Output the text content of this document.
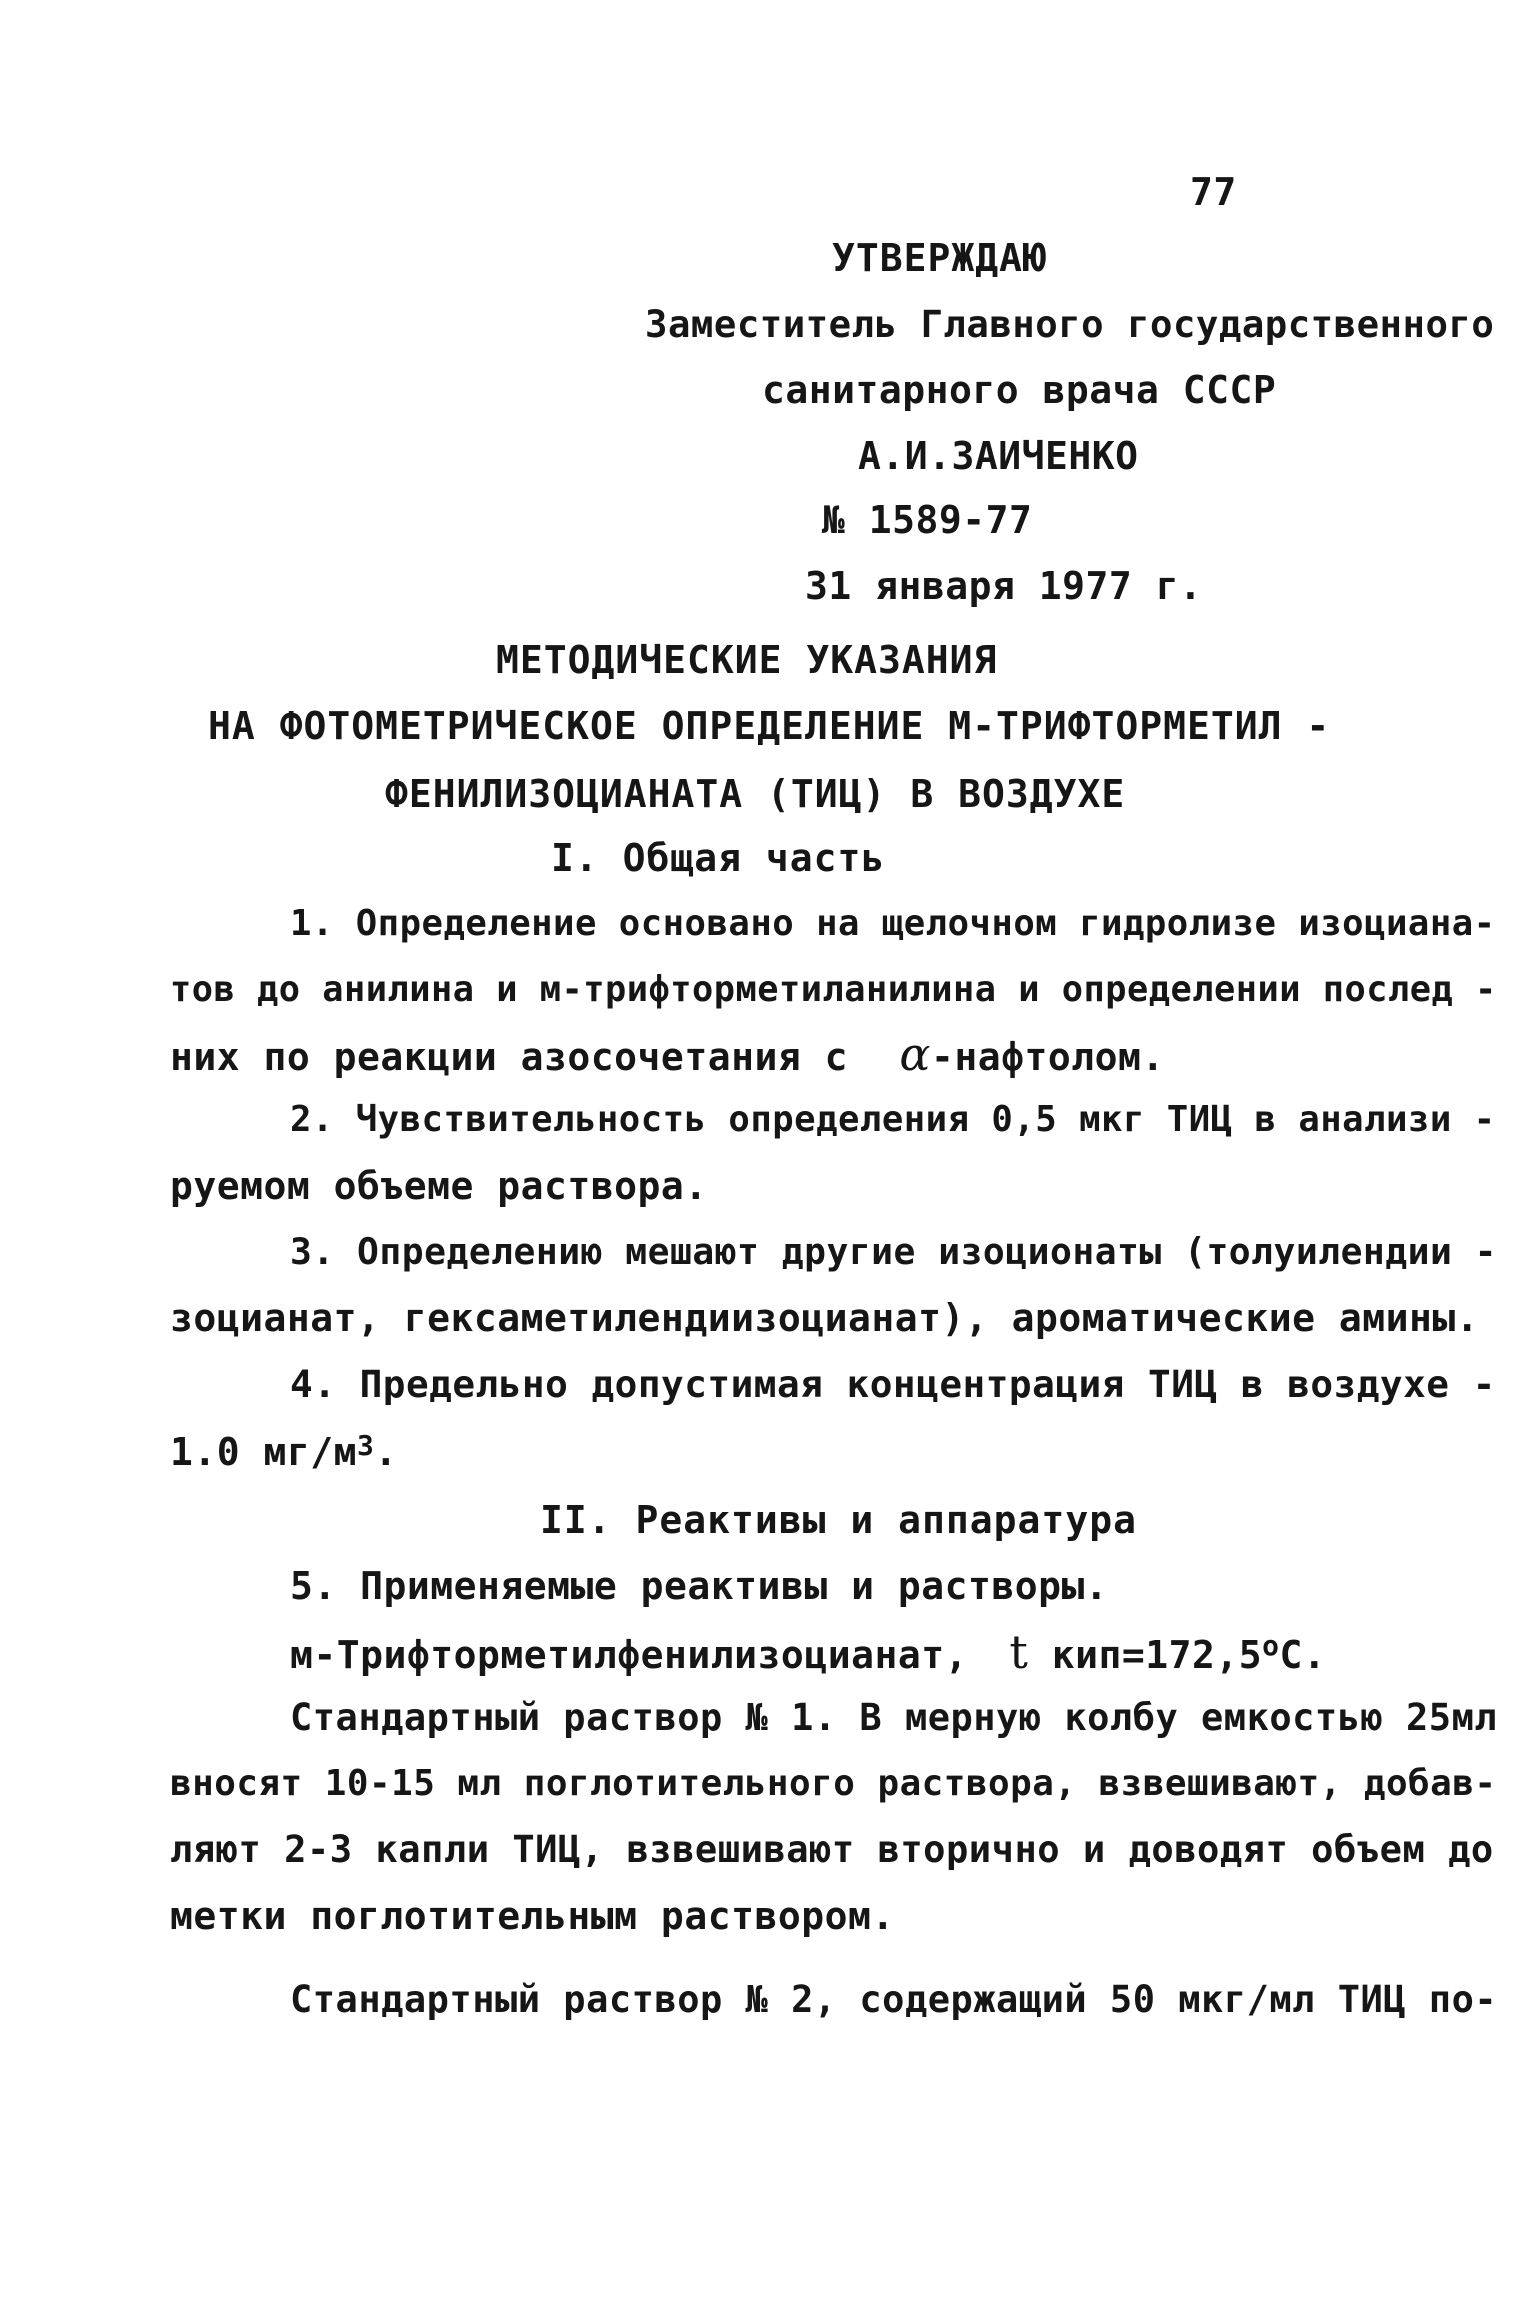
77
УТВЕРЖДАЮ
Заместитель Главного государственного
санитарного врача СССР
А.И.ЗАИЧЕНКО
№ 1589-77
31 января 1977 г.
МЕТОДИЧЕСКИЕ УКАЗАНИЯ
НА ФОТОМЕТРИЧЕСКОЕ ОПРЕДЕЛЕНИЕ М-ТРИФТОРМЕТИЛ -
ФЕНИЛИЗОЦИАНАТА (ТИЦ) В ВОЗДУХЕ
I. Общая часть
1. Определение основано на щелочном гидролизе изоциана-
тов до анилина и м-трифторметиланилина и определении послед -
них по реакции азосочетания с α-нафтолом.
2. Чувствительность определения 0,5 мкг ТИЦ в анализи -
руемом объеме раствора.
3. Определению мешают другие изоционаты (толуилендии -
зоцианат, гексаметилендиизоцианат), ароматические амины.
4. Предельно допустимая концентрация ТИЦ в воздухе -
1.0 $мг/м^3$.
II. Реактивы и аппаратура
5. Применяемые реактивы и растворы.
м-Трифторметилфенилизоцианат, t $кип=172,5^оС$.
Стандартный раствор № 1. В мерную колбу емкостью 25мл
вносят 10-15 мл поглотительного раствора, взвешивают, добав-
ляют 2-3 капли ТИЦ, взвешивают вторично и доводят объем до
метки поглотительным раствором.
Стандартный раствор № 2, содержащий 50 мкг/мл ТИЦ по-
